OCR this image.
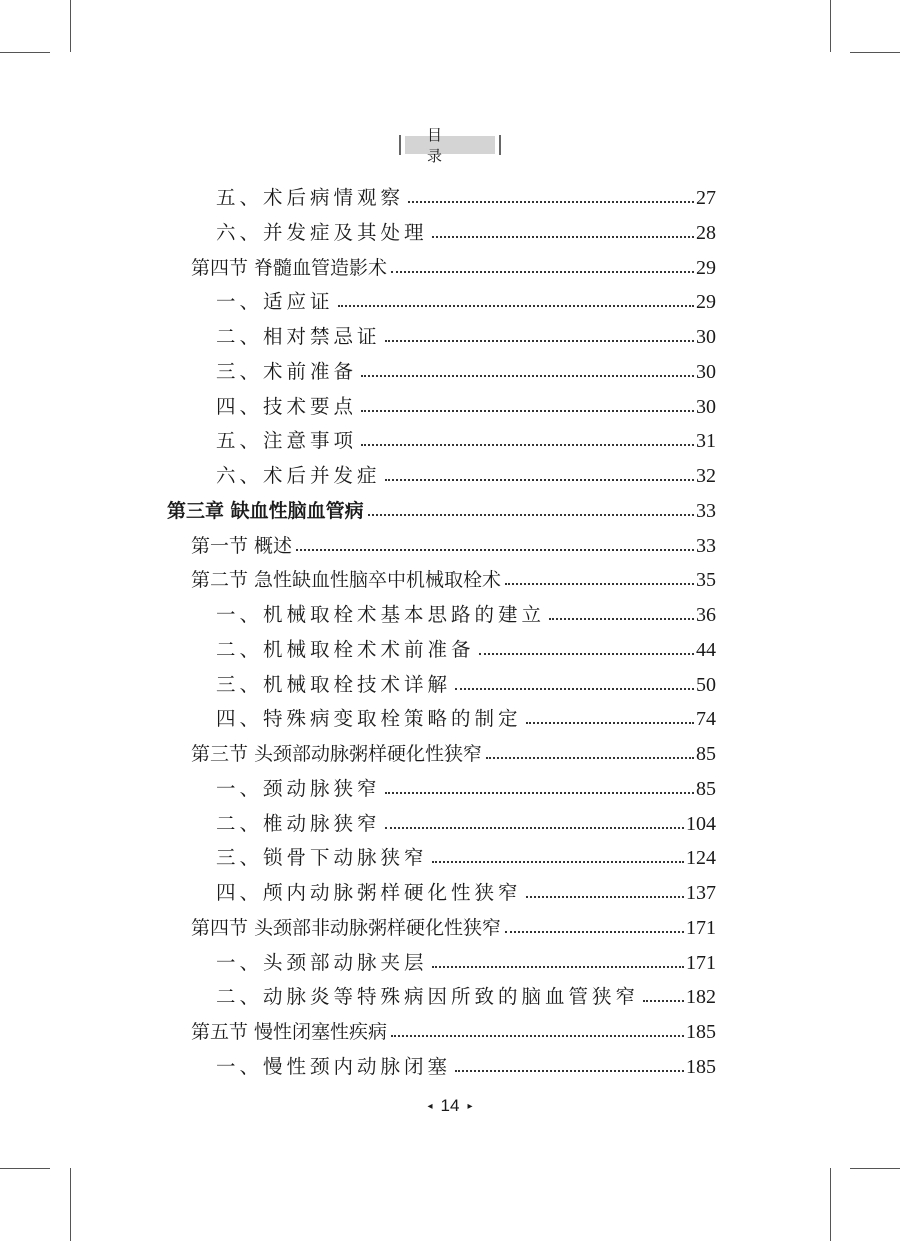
目 录
五、术后病情观察	27
六、并发症及其处理	28
第四节 脊髓血管造影术	29
一、适应证	29
二、相对禁忌证	30
三、术前准备	30
四、技术要点	30
五、注意事项	31
六、术后并发症	32
第三章 缺血性脑血管病	33
第一节 概述	33
第二节 急性缺血性脑卒中机械取栓术	35
一、机械取栓术基本思路的建立	36
二、机械取栓术术前准备	44
三、机械取栓技术详解	50
四、特殊病变取栓策略的制定	74
第三节 头颈部动脉粥样硬化性狭窄	85
一、颈动脉狭窄	85
二、椎动脉狭窄	104
三、锁骨下动脉狭窄	124
四、颅内动脉粥样硬化性狭窄	137
第四节 头颈部非动脉粥样硬化性狭窄	171
一、头颈部动脉夹层	171
二、动脉炎等特殊病因所致的脑血管狭窄 182
第五节 慢性闭塞性疾病	185
一、慢性颈内动脉闭塞	185
◂ 14 ▸
